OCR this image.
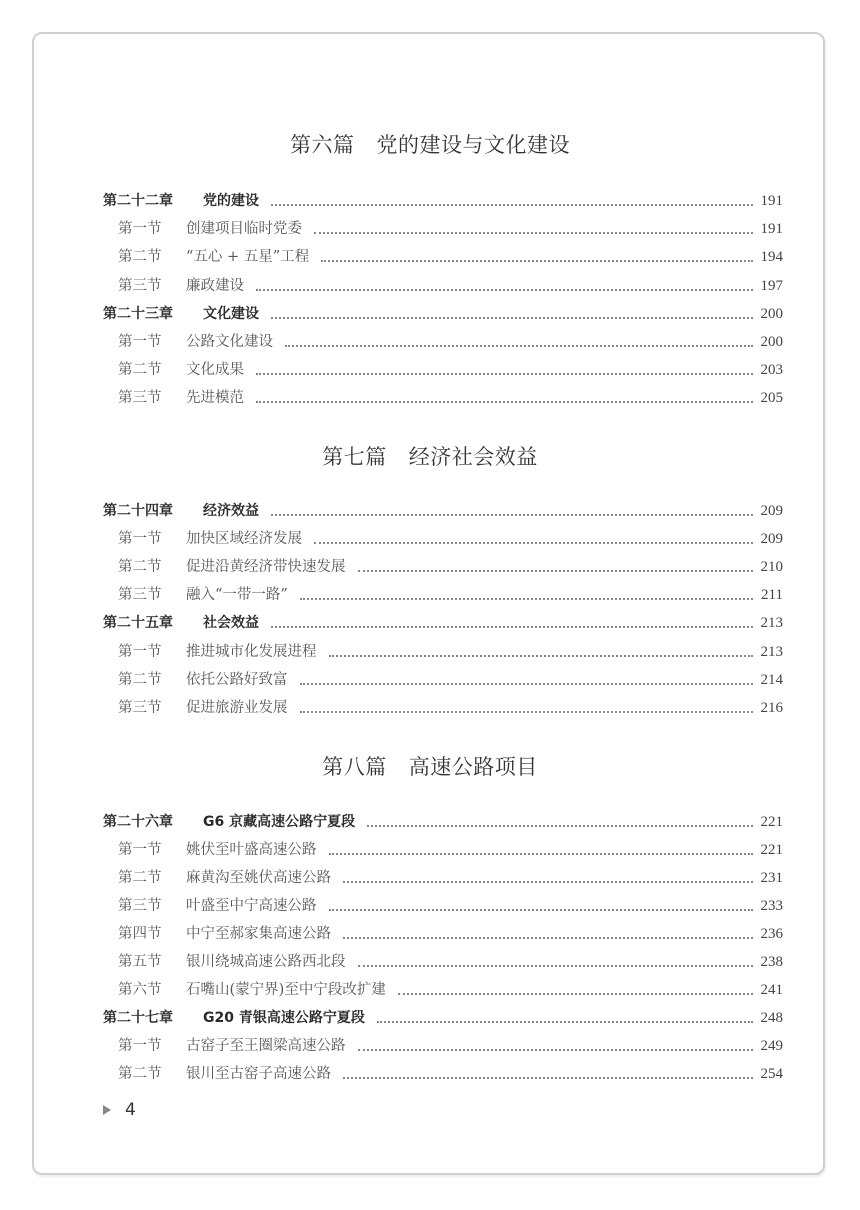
第六篇 党的建设与文化建设
第二十二章 党的建设	191
第一节 创建项目临时党委	191
第二节 “五心 + 五星”工程	194
第三节 廉政建设	197
第二十三章 文化建设	200
第一节 公路文化建设	200
第二节 文化成果	203
第三节 先进模范	205
第七篇 经济社会效益
第二十四章 经济效益	209
第一节 加快区域经济发展	209
第二节 促进沿黄经济带快速发展	210
第三节 融入“一带一路”	211
第二十五章 社会效益	213
第一节 推进城市化发展进程	213
第二节 依托公路好致富	214
第三节 促进旅游业发展	216
第八篇 高速公路项目
第二十六章 G6 京藏高速公路宁夏段	221
第一节 姚伏至叶盛高速公路	221
第二节 麻黄沟至姚伏高速公路	231
第三节 叶盛至中宁高速公路	233
第四节 中宁至郝家集高速公路	236
第五节 银川绕城高速公路西北段	238
第六节 石嘴山(蒙宁界)至中宁段改扩建	241
第二十七章 G20 青银高速公路宁夏段	248
第一节 古窑子至王圈梁高速公路	249
第二节 银川至古窑子高速公路	254
4
